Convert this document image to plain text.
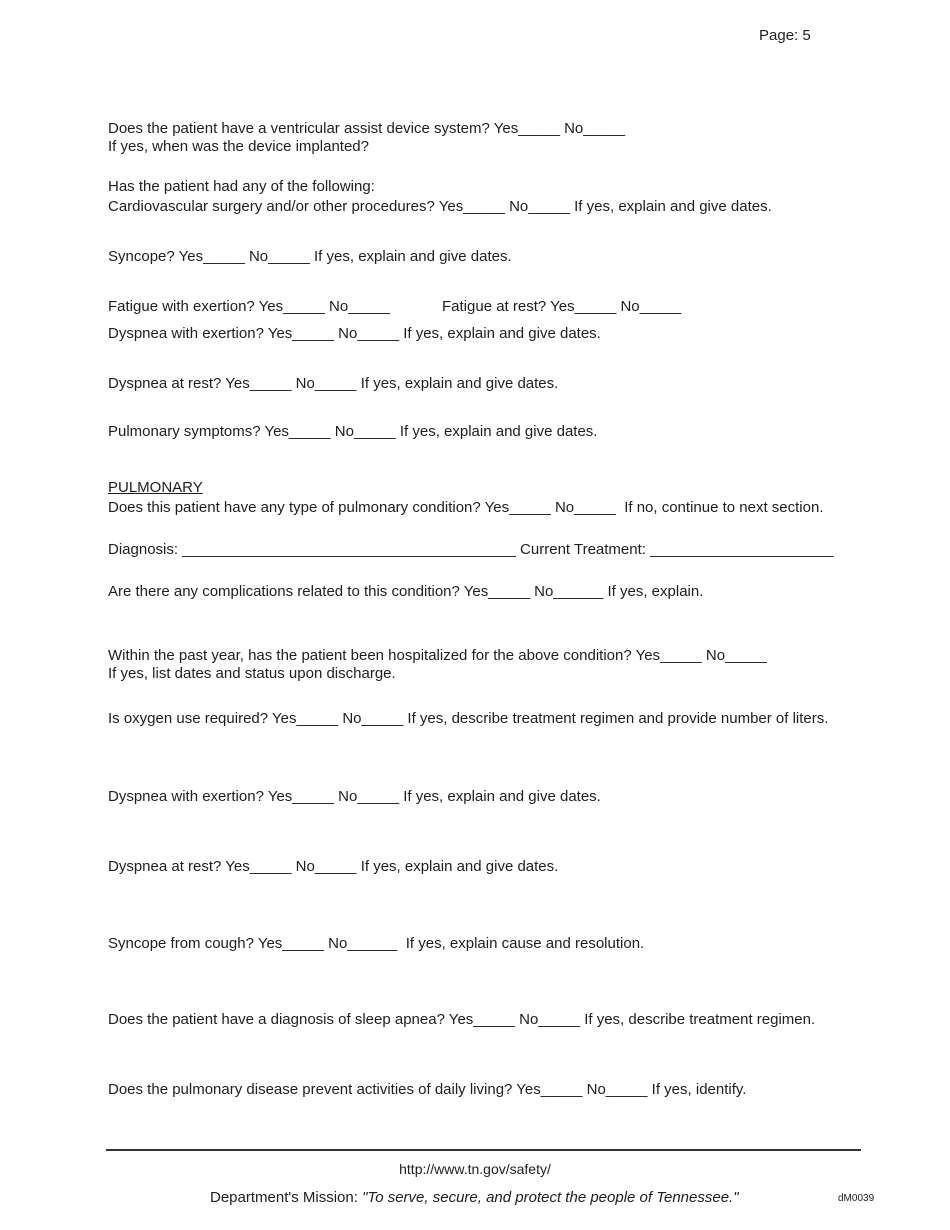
Page: 5
Does the patient have a ventricular assist device system? Yes_____ No_____
If yes, when was the device implanted?
Has the patient had any of the following:
Cardiovascular surgery and/or other procedures? Yes_____ No_____ If yes, explain and give dates.
Syncope? Yes_____ No_____ If yes, explain and give dates.
Fatigue with exertion? Yes_____ No_____	Fatigue at rest? Yes_____ No_____
Dyspnea with exertion? Yes_____ No_____ If yes, explain and give dates.
Dyspnea at rest? Yes_____ No_____ If yes, explain and give dates.
Pulmonary symptoms? Yes_____ No_____ If yes, explain and give dates.
PULMONARY
Does this patient have any type of pulmonary condition? Yes_____ No_____  If no, continue to next section.
Diagnosis: ________________________________________ Current Treatment: ______________________
Are there any complications related to this condition? Yes_____ No______ If yes, explain.
Within the past year, has the patient been hospitalized for the above condition? Yes_____ No_____
If yes, list dates and status upon discharge.
Is oxygen use required? Yes_____ No_____ If yes, describe treatment regimen and provide number of liters.
Dyspnea with exertion? Yes_____ No_____ If yes, explain and give dates.
Dyspnea at rest? Yes_____ No_____ If yes, explain and give dates.
Syncope from cough? Yes_____ No______  If yes, explain cause and resolution.
Does the patient have a diagnosis of sleep apnea? Yes_____ No_____ If yes, describe treatment regimen.
Does the pulmonary disease prevent activities of daily living? Yes_____ No_____ If yes, identify.
http://www.tn.gov/safety/
Department's Mission: "To serve, secure, and protect the people of Tennessee."	dM0039
